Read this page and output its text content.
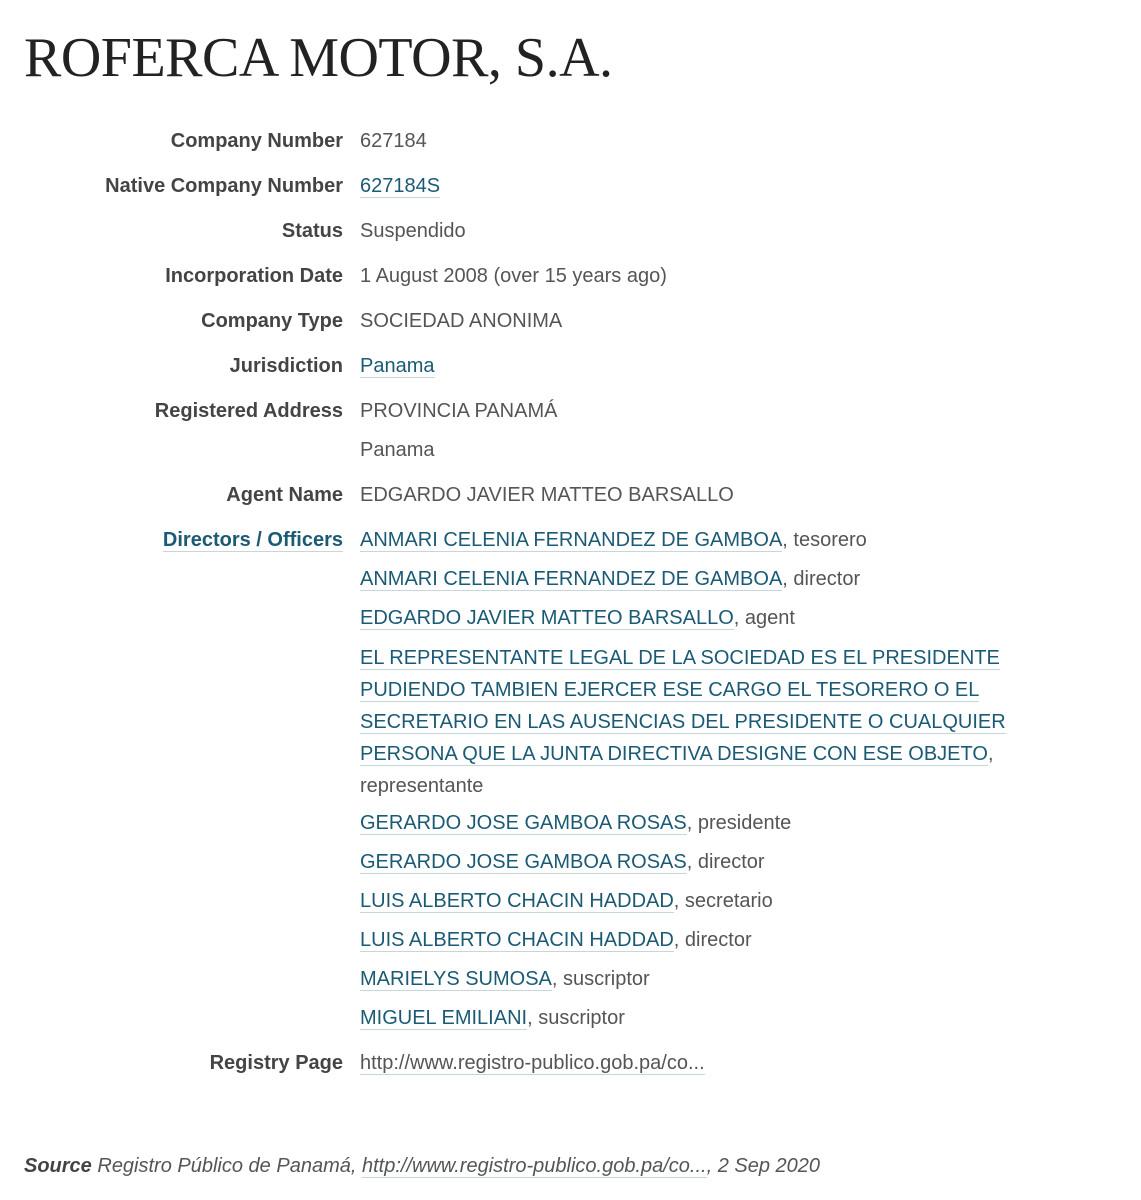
ROFERCA MOTOR, S.A.
Company Number 627184
Native Company Number 627184S
Status Suspendido
Incorporation Date 1 August 2008 (over 15 years ago)
Company Type SOCIEDAD ANONIMA
Jurisdiction Panama
Registered Address PROVINCIA PANAMÁ
Panama
Agent Name EDGARDO JAVIER MATTEO BARSALLO
Directors / Officers ANMARI CELENIA FERNANDEZ DE GAMBOA, tesorero
ANMARI CELENIA FERNANDEZ DE GAMBOA, director
EDGARDO JAVIER MATTEO BARSALLO, agent
EL REPRESENTANTE LEGAL DE LA SOCIEDAD ES EL PRESIDENTE
PUDIENDO TAMBIEN EJERCER ESE CARGO EL TESORERO O EL
SECRETARIO EN LAS AUSENCIAS DEL PRESIDENTE O CUALQUIER
PERSONA QUE LA JUNTA DIRECTIVA DESIGNE CON ESE OBJETO,
representante
GERARDO JOSE GAMBOA ROSAS, presidente
GERARDO JOSE GAMBOA ROSAS, director
LUIS ALBERTO CHACIN HADDAD, secretario
LUIS ALBERTO CHACIN HADDAD, director
MARIELYS SUMOSA, suscriptor
MIGUEL EMILIANI, suscriptor
Registry Page http://www.registro-publico.gob.pa/co...
Source Registro Público de Panamá, http://www.registro-publico.gob.pa/co..., 2 Sep 2020
